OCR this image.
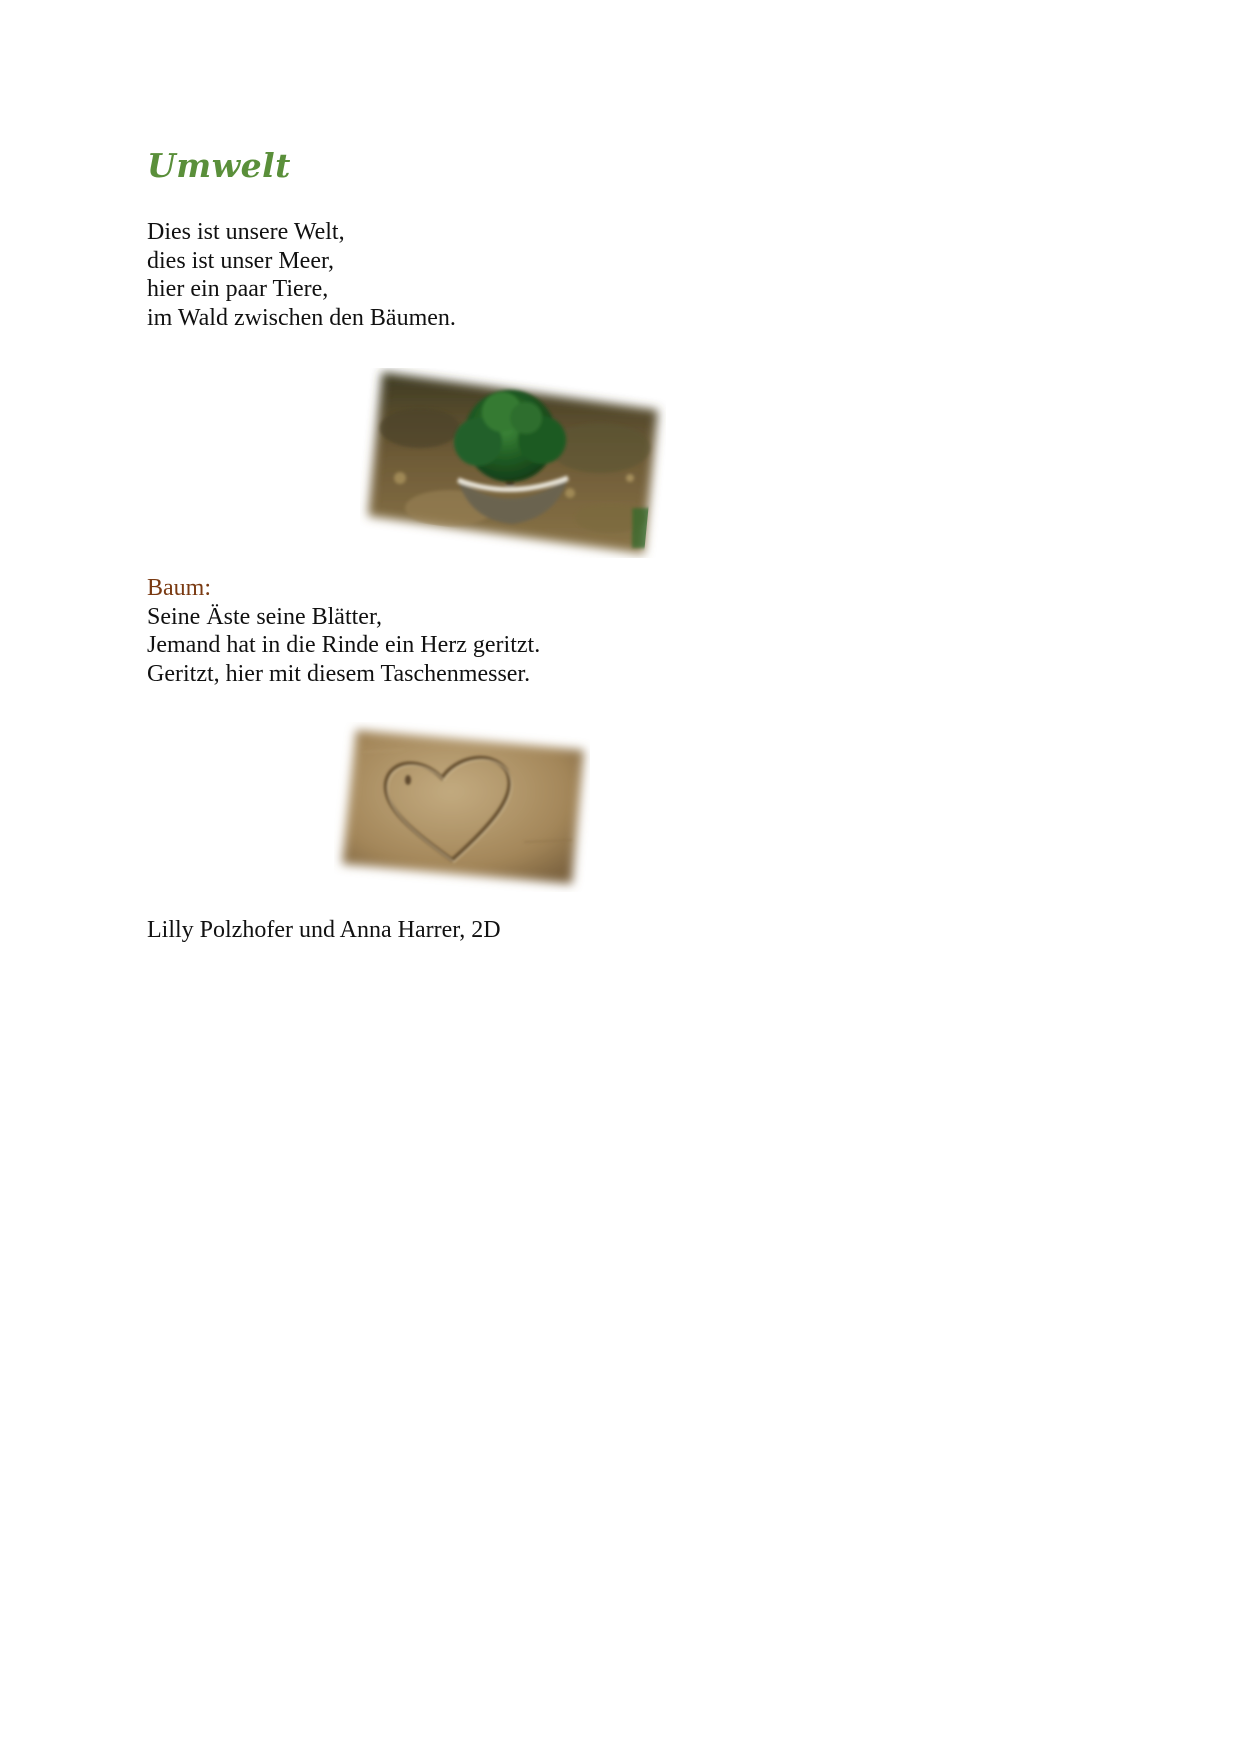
Umwelt
Dies ist unsere Welt,
dies ist unser Meer,
hier ein paar Tiere,
im Wald zwischen den Bäumen.
Baum:
Seine Äste seine Blätter,
Jemand hat in die Rinde ein Herz geritzt.
Geritzt, hier mit diesem Taschenmesser.

Lilly Polzhofer und Anna Harrer, 2D
